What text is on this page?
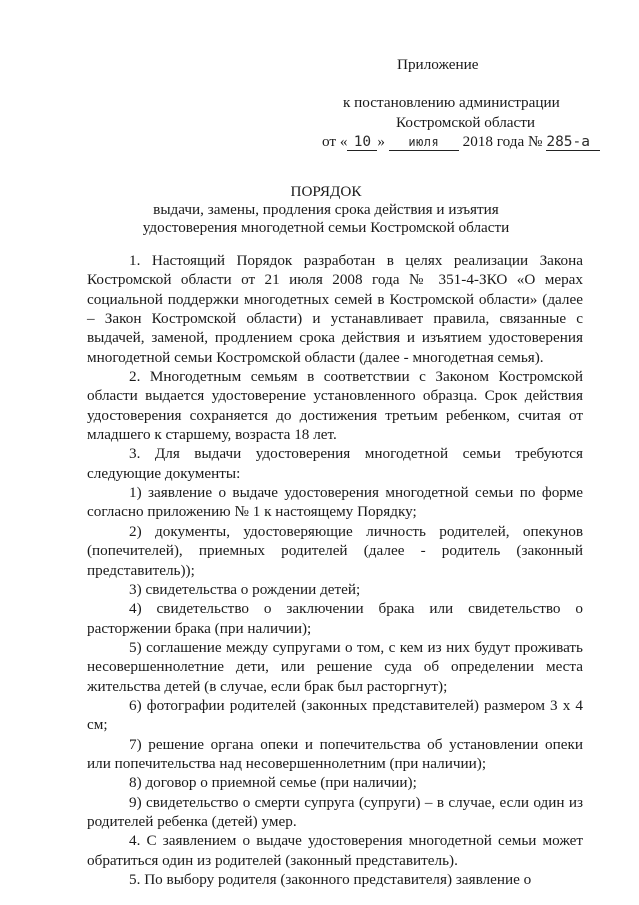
Приложение
к постановлению администрации
Костромской области
от « 10 » июля 2018 года № 285-а
ПОРЯДОК
выдачи, замены, продления срока действия и изъятия
удостоверения многодетной семьи Костромской области

1. Настоящий Порядок разработан в целях реализации Закона Костромской области от 21 июля 2008 года № 351-4-ЗКО «О мерах социальной поддержки многодетных семей в Костромской области» (далее – Закон Костромской области) и устанавливает правила, связанные с выдачей, заменой, продлением срока действия и изъятием удостоверения многодетной семьи Костромской области (далее - многодетная семья).

2. Многодетным семьям в соответствии с Законом Костромской области выдается удостоверение установленного образца. Срок действия удостоверения сохраняется до достижения третьим ребенком, считая от младшего к старшему, возраста 18 лет.

3. Для выдачи удостоверения многодетной семьи требуются следующие документы:

1) заявление о выдаче удостоверения многодетной семьи по форме согласно приложению № 1 к настоящему Порядку;

2) документы, удостоверяющие личность родителей, опекунов (попечителей), приемных родителей (далее - родитель (законный представитель));

3) свидетельства о рождении детей;

4) свидетельство о заключении брака или свидетельство о расторжении брака (при наличии);

5) соглашение между супругами о том, с кем из них будут проживать несовершеннолетние дети, или решение суда об определении места жительства детей (в случае, если брак был расторгнут);

6) фотографии родителей (законных представителей) размером 3 х 4 см;

7) решение органа опеки и попечительства об установлении опеки или попечительства над несовершеннолетним (при наличии);

8) договор о приемной семье (при наличии);

9) свидетельство о смерти супруга (супруги) – в случае, если один из родителей ребенка (детей) умер.

4. С заявлением о выдаче удостоверения многодетной семьи может обратиться один из родителей (законный представитель).

5. По выбору родителя (законного представителя) заявление о
